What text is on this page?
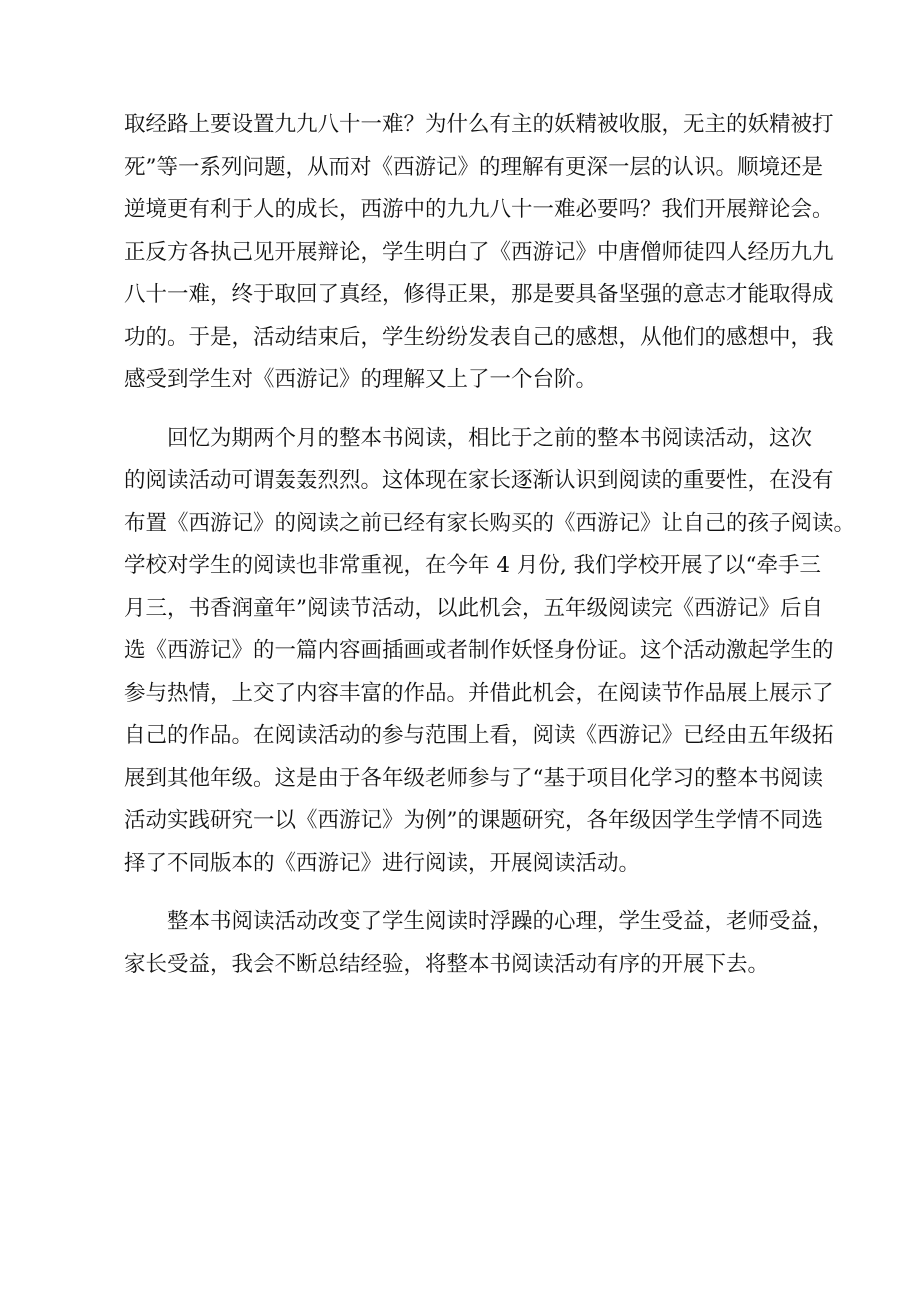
取经路上要设置九九八十一难？为什么有主的妖精被收服，无主的妖精被打
死”等一系列问题，从而对《西游记》的理解有更深一层的认识。顺境还是
逆境更有利于人的成长，西游中的九九八十一难必要吗？我们开展辩论会。
正反方各执己见开展辩论，学生明白了《西游记》中唐僧师徒四人经历九九
八十一难，终于取回了真经，修得正果，那是要具备坚强的意志才能取得成
功的。于是，活动结束后，学生纷纷发表自己的感想，从他们的感想中，我
感受到学生对《西游记》的理解又上了一个台阶。
回忆为期两个月的整本书阅读，相比于之前的整本书阅读活动，这次
的阅读活动可谓轰轰烈烈。这体现在家长逐渐认识到阅读的重要性，在没有
布置《西游记》的阅读之前已经有家长购买的《西游记》让自己的孩子阅读。
学校对学生的阅读也非常重视，在今年 4 月份, 我们学校开展了以“牵手三
月三，书香润童年”阅读节活动，以此机会，五年级阅读完《西游记》后自
选《西游记》的一篇内容画插画或者制作妖怪身份证。这个活动激起学生的
参与热情，上交了内容丰富的作品。并借此机会，在阅读节作品展上展示了
自己的作品。在阅读活动的参与范围上看，阅读《西游记》已经由五年级拓
展到其他年级。这是由于各年级老师参与了“基于项目化学习的整本书阅读
活动实践研究一以《西游记》为例”的课题研究，各年级因学生学情不同选
择了不同版本的《西游记》进行阅读，开展阅读活动。
整本书阅读活动改变了学生阅读时浮躁的心理，学生受益，老师受益，
家长受益，我会不断总结经验，将整本书阅读活动有序的开展下去。
